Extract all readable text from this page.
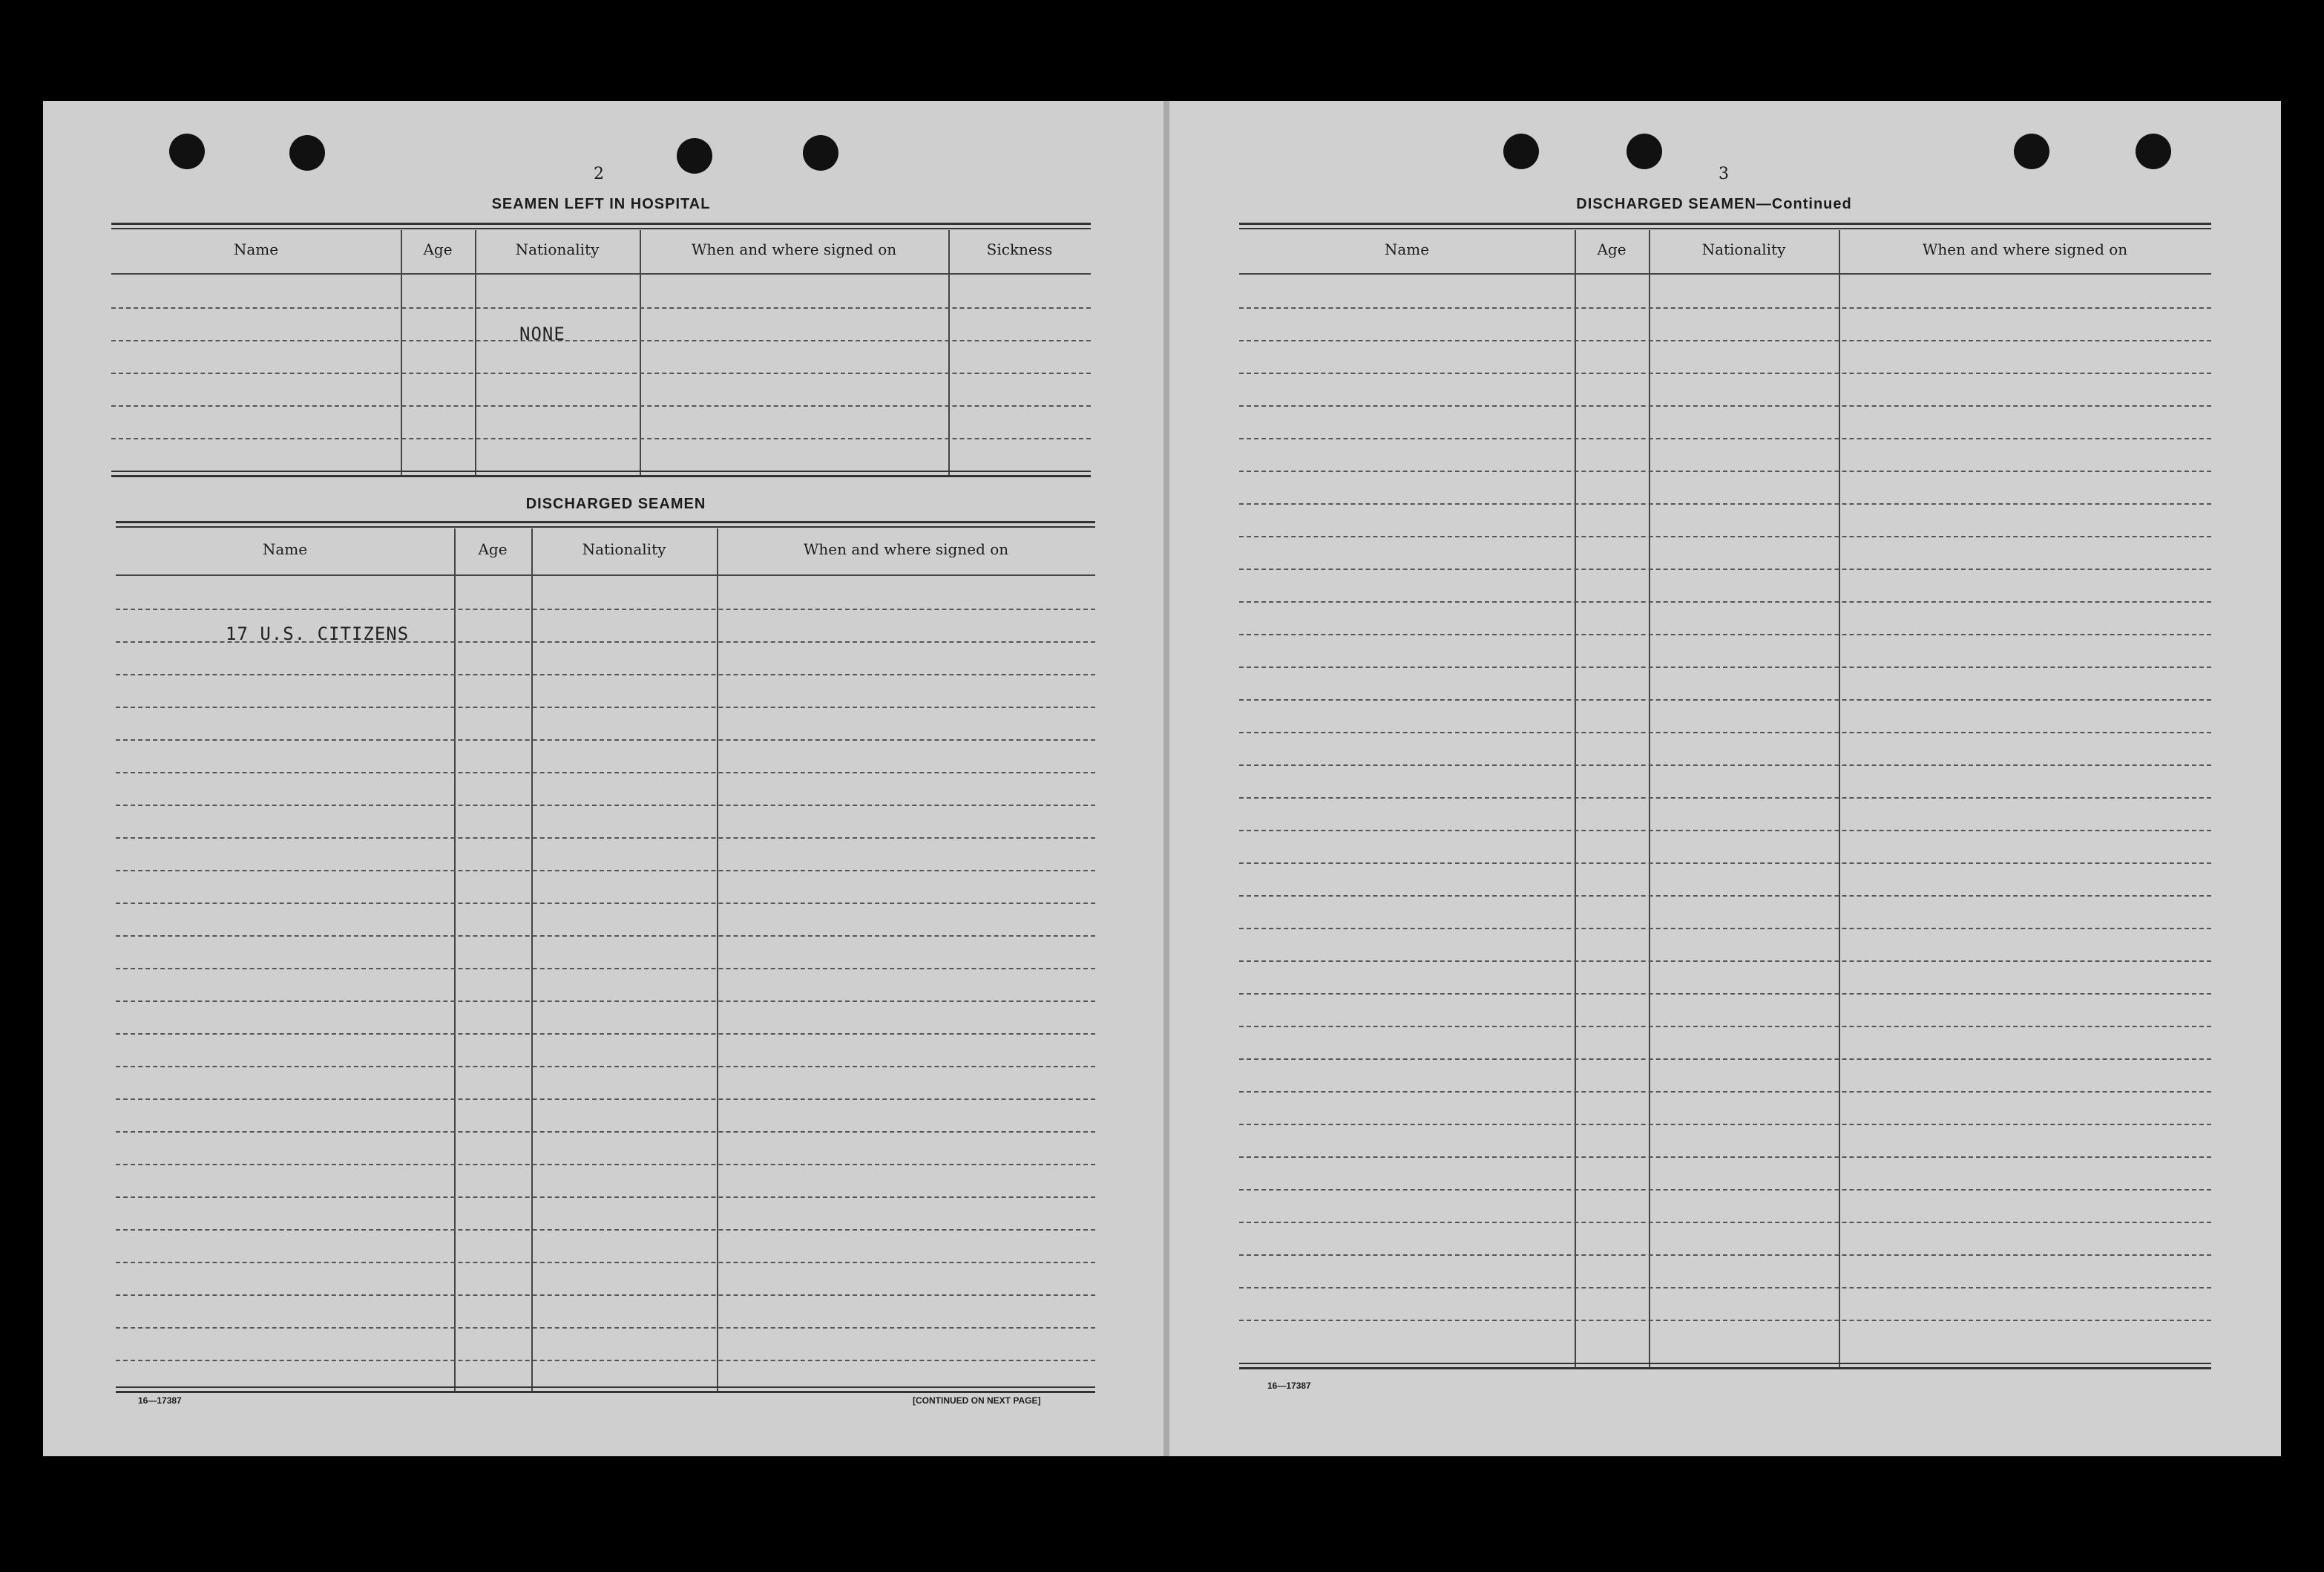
2
SEAMEN LEFT IN HOSPITAL
Name	Age	Nationality	When and where signed on	Sickness
NONE
DISCHARGED SEAMEN
Name	Age	Nationality	When and where signed on
17 U.S. CITIZENS
16—17387	[CONTINUED ON NEXT PAGE]
3
DISCHARGED SEAMEN—Continued
Name	Age	Nationality	When and where signed on
16—17387
